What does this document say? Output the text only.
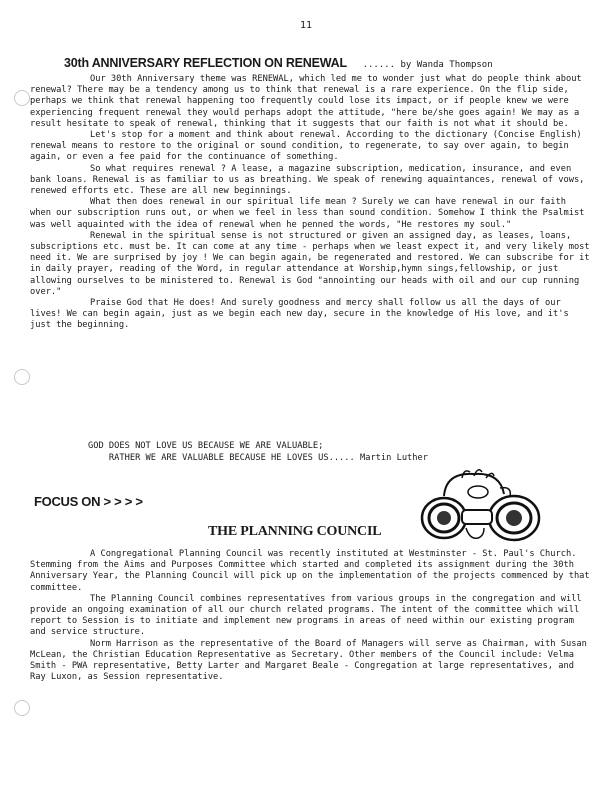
11
30th ANNIVERSARY REFLECTION ON RENEWAL ...... by Wanda Thompson

Our 30th Anniversary theme was RENEWAL, which led me to wonder just what do people think about renewal? There may be a tendency among us to think that renewal is a rare experience. On the flip side, perhaps we think that renewal happening too frequently could lose its impact, or if people knew we were experiencing frequent renewal they would perhaps adopt the attitude, "here be/she goes again! We may as a result hesitate to speak of renewal, thinking that it suggests that our faith is not what it should be.

Let's stop for a moment and think about renewal. According to the dictionary (Concise English) renewal means to restore to the original or sound condition, to regenerate, to say over again, to begin again, or even a fee paid for the continuance of something.

So what requires renewal ? A lease, a magazine subscription, medication, insurance, and even bank loans. Renewal is as familiar to us as breathing. We speak of renewing aquaintances, renewal of vows, renewed efforts etc. These are all new beginnings.

What then does renewal in our spiritual life mean ? Surely we can have renewal in our faith when our subscription runs out, or when we feel in less than sound condition. Somehow I think the Psalmist was well aquainted with the idea of renewal when he penned the words, "He restores my soul."

Renewal in the spiritual sense is not structured or given an assigned day, as leases, loans, subscriptions etc. must be. It can come at any time - perhaps when we least expect it, and very likely most need it. We are surprised by joy ! We can begin again, be regenerated and restored. We can subscribe for it in daily prayer, reading of the Word, in regular attendance at Worship,hymn sings,fellowship, or just allowing ourselves to be ministered to. Renewal is God "annointing our heads with oil and our cup running over."

Praise God that He does! And surely goodness and mercy shall follow us all the days of our lives! We can begin again, just as we begin each new day, secure in the knowledge of His love, and it's just the beginning.

GOD DOES NOT LOVE US BECAUSE WE ARE VALUABLE;
RATHER WE ARE VALUABLE BECAUSE HE LOVES US..... Martin Luther
FOCUS ON > > > >
THE PLANNING COUNCIL

A Congregational Planning Council was recently instituted at Westminster - St. Paul's Church. Stemming from the Aims and Purposes Committee which started and completed its assignment during the 30th Anniversary Year, the Planning Council will pick up on the implementation of the projects commenced by that committee.

The Planning Council combines representatives from various groups in the congregation and will provide an ongoing examination of all our church related programs. The intent of the committee which will report to Session is to initiate and implement new programs in areas of need within our existing program and service structure.

Norm Harrison as the representative of the Board of Managers will serve as Chairman, with Susan McLean, the Christian Education Representative as Secretary. Other members of the Council include: Velma Smith - PWA representative, Betty Larter and Margaret Beale - Congregation at large representatives, and Ray Luxon, as Session representative.
